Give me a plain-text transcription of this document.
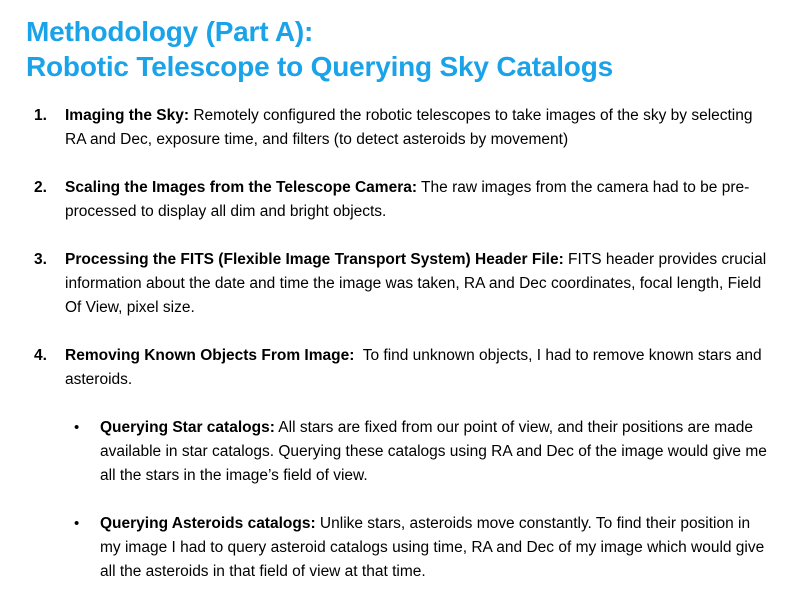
Methodology (Part A):
Robotic Telescope to Querying Sky Catalogs
1. Imaging the Sky: Remotely configured the robotic telescopes to take images of the sky by selecting RA and Dec, exposure time, and filters (to detect asteroids by movement)
2. Scaling the Images from the Telescope Camera: The raw images from the camera had to be pre-processed to display all dim and bright objects.
3. Processing the FITS (Flexible Image Transport System) Header File: FITS header provides crucial information about the date and time the image was taken, RA and Dec coordinates, focal length, Field Of View, pixel size.
4. Removing Known Objects From Image:  To find unknown objects, I had to remove known stars and asteroids.
• Querying Star catalogs: All stars are fixed from our point of view, and their positions are made available in star catalogs. Querying these catalogs using RA and Dec of the image would give me all the stars in the image’s field of view.
• Querying Asteroids catalogs: Unlike stars, asteroids move constantly. To find their position in my image I had to query asteroid catalogs using time, RA and Dec of my image which would give all the asteroids in that field of view at that time.
